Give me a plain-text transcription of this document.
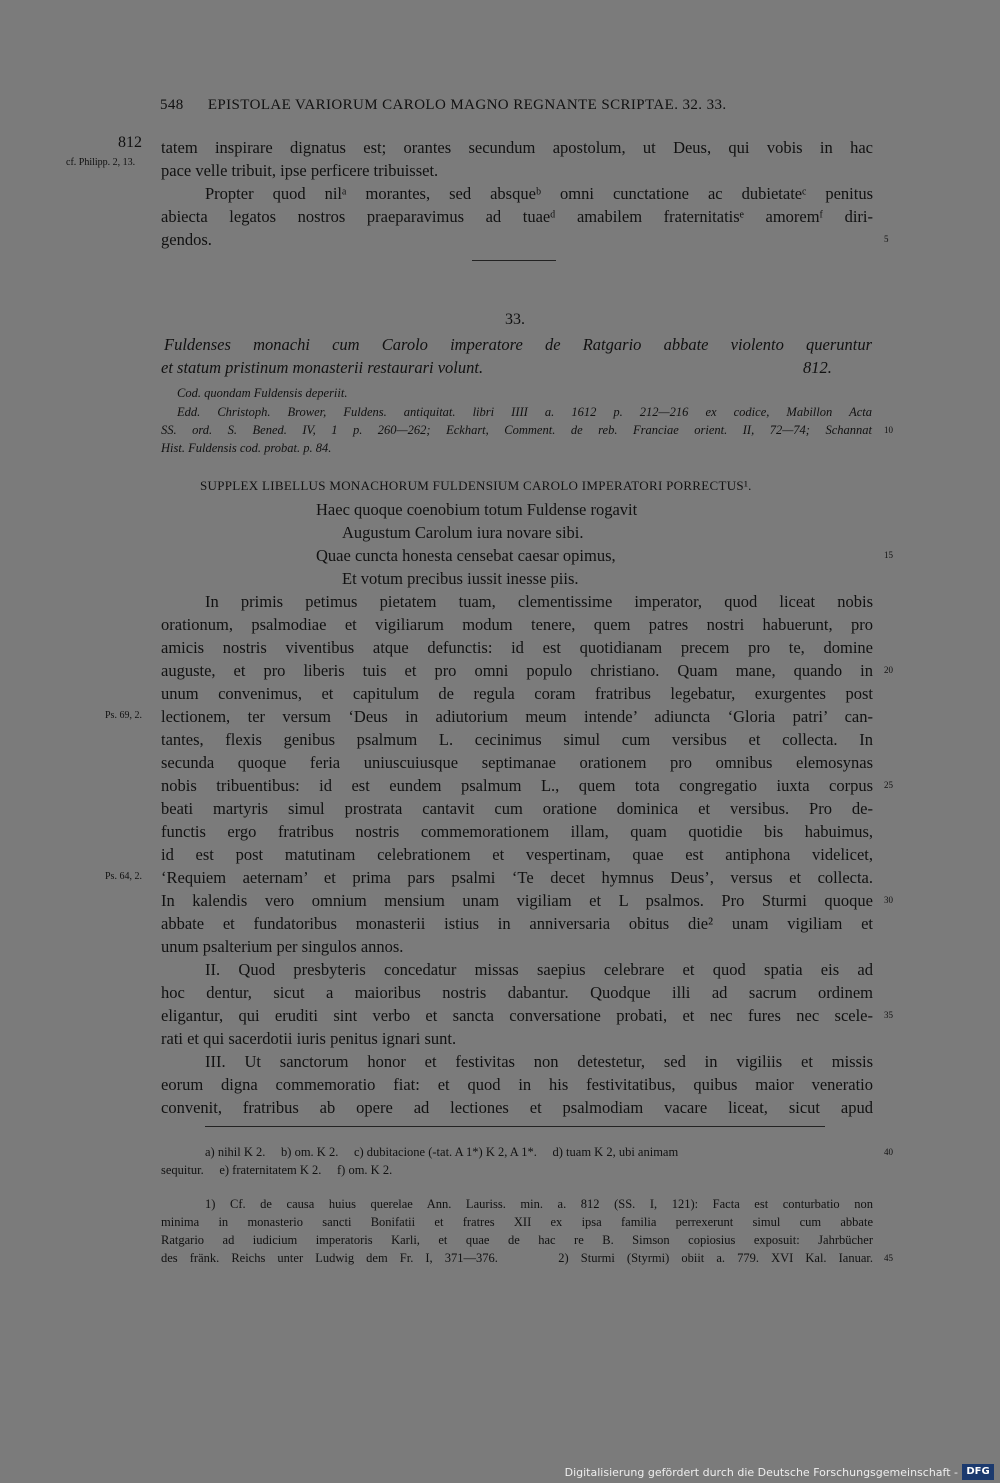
548 EPISTOLAE VARIORUM CAROLO MAGNO REGNANTE SCRIPTAE. 32. 33.
812
cf. Philipp. 2, 13.
tatem inspirare dignatus est; orantes secundum apostolum, ut Deus, qui vobis in hac
pace velle tribuit, ipse perficere tribuisset.
Propter quod nilᵃ morantes, sed absqueᵇ omni cunctatione ac dubietateᶜ penitus
abiecta legatos nostros praeparavimus ad tuaeᵈ amabilem fraternitatisᵉ amoremᶠ diri-
gendos.	5
33.
Fuldenses monachi cum Carolo imperatore de Ratgario abbate violento queruntur
et statum pristinum monasterii restaurari volunt.	812.
Cod. quondam Fuldensis deperiit.
Edd. Christoph. Brower, Fuldens. antiquitat. libri IIII a. 1612 p. 212—216 ex codice, Mabillon Acta
SS. ord. S. Bened. IV, 1 p. 260—262; Eckhart, Comment. de reb. Franciae orient. II, 72—74; Schannat
Hist. Fuldensis cod. probat. p. 84.
10
SUPPLEX LIBELLUS MONACHORUM FULDENSIUM CAROLO IMPERATORI PORRECTUS¹.
Haec quoque coenobium totum Fuldense rogavit
Augustum Carolum iura novare sibi.
Quae cuncta honesta censebat caesar opimus,
Et votum precibus iussit inesse piis.
15
In primis petimus pietatem tuam, clementissime imperator, quod liceat nobis
orationum, psalmodiae et vigiliarum modum tenere, quem patres nostri habuerunt, pro
amicis nostris viventibus atque defunctis: id est quotidianam precem pro te, domine
auguste, et pro liberis tuis et pro omni populo christiano. Quam mane, quando in 20
unum convenimus, et capitulum de regula coram fratribus legebatur, exurgentes post
Ps. 69, 2. lectionem, ter versum ‘Deus in adiutorium meum intende’ adiuncta ‘Gloria patri’ can-
tantes, flexis genibus psalmum L. cecinimus simul cum versibus et collecta. In
secunda quoque feria uniuscuiusque septimanae orationem pro omnibus elemosynas
nobis tribuentibus: id est eundem psalmum L., quem tota congregatio iuxta corpus 25
beati martyris simul prostrata cantavit cum oratione dominica et versibus. Pro de-
functis ergo fratribus nostris commemorationem illam, quam quotidie bis habuimus,
id est post matutinam celebrationem et vespertinam, quae est antiphona videlicet,
Ps. 64, 2. ‘Requiem aeternam’ et prima pars psalmi ‘Te decet hymnus Deus’, versus et collecta.
In kalendis vero omnium mensium unam vigiliam et L psalmos. Pro Sturmi quoque 30
abbate et fundatoribus monasterii istius in anniversaria obitus die² unam vigiliam et
unum psalterium per singulos annos.
II. Quod presbyteris concedatur missas saepius celebrare et quod spatia eis ad
hoc dentur, sicut a maioribus nostris dabantur. Quodque illi ad sacrum ordinem
eligantur, qui eruditi sint verbo et sancta conversatione probati, et nec fures nec scele- 35
rati et qui sacerdotii iuris penitus ignari sunt.
III. Ut sanctorum honor et festivitas non detestetur, sed in vigiliis et missis
eorum digna commemoratio fiat: et quod in his festivitatibus, quibus maior veneratio
convenit, fratribus ab opere ad lectiones et psalmodiam vacare liceat, sicut apud
a) nihil K 2.     b) om. K 2.     c) dubitacione (-tat. A 1*) K 2, A 1*.     d) tuam K 2, ubi animam
sequitur.     e) fraternitatem K 2.     f) om. K 2.
40
1) Cf. de causa huius querelae Ann. Lauriss. min. a. 812 (SS. I, 121): Facta est conturbatio non
minima in monasterio sancti Bonifatii et fratres XII ex ipsa familia perrexerunt simul cum abbate
Ratgario ad iudicium imperatoris Karli, et quae de hac re B. Simson copiosius exposuit: Jahrbücher
des fränk. Reichs unter Ludwig dem Fr. I, 371—376.     2) Sturmi (Styrmi) obiit a. 779. XVI Kal. Ianuar. 45
Digitalisierung gefördert durch die Deutsche Forschungsgemeinschaft - DFG
